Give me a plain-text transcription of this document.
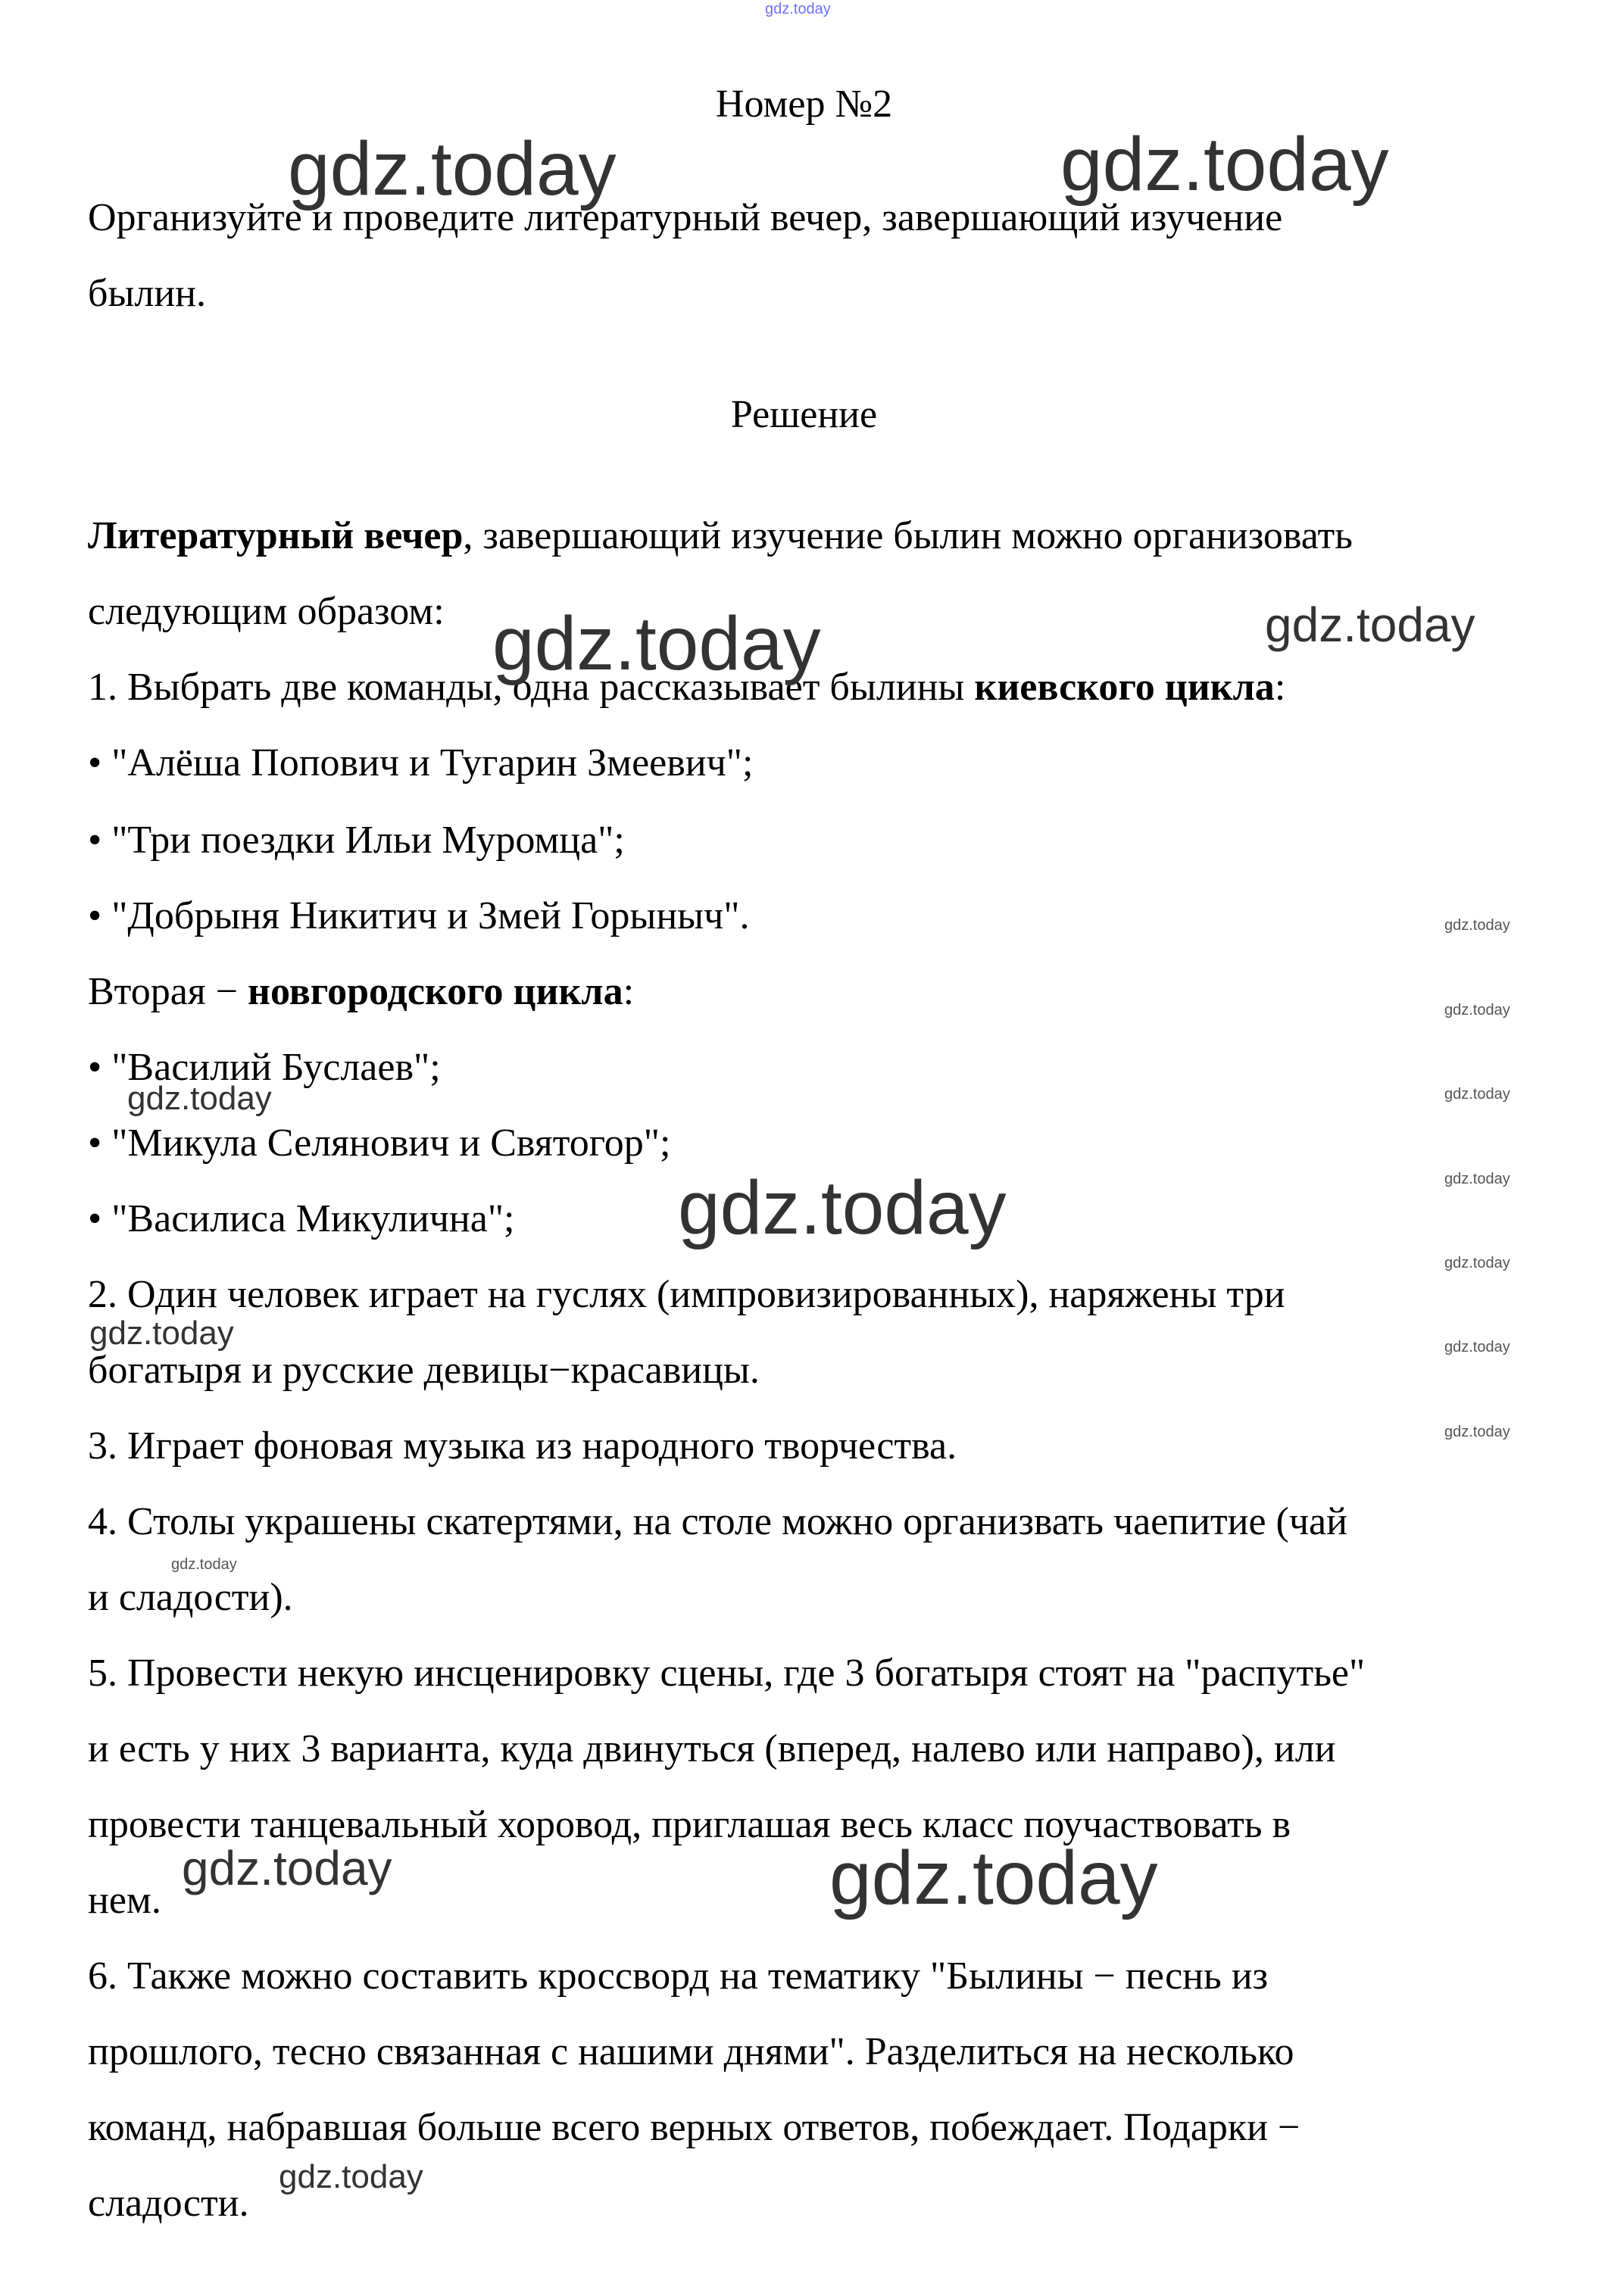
gdz.today
Номер №2
Организуйте и проведите литературный вечер, завершающий изучение
былин.
Решение
Литературный вечер, завершающий изучение былин можно организовать
следующим образом:
1. Выбрать две команды, одна рассказывает былины киевского цикла:
• "Алёша Попович и Тугарин Змеевич";
• "Три поездки Ильи Муромца";
• "Добрыня Никитич и Змей Горыныч".
Вторая − новгородского цикла:
• "Василий Буслаев";
• "Микула Селянович и Святогор";
• "Василиса Микулична";
2. Один человек играет на гуслях (импровизированных), наряжены три
богатыря и русские девицы−красавицы.
3. Играет фоновая музыка из народного творчества.
4. Столы украшены скатертями, на столе можно организвать чаепитие (чай
и сладости).
5. Провести некую инсценировку сцены, где 3 богатыря стоят на "распутье"
и есть у них 3 варианта, куда двинуться (вперед, налево или направо), или
провести танцевальный хоровод, приглашая весь класс поучаствовать в
нем.
6. Также можно составить кроссворд на тематику "Былины − песнь из
прошлого, тесно связанная с нашими днями". Разделиться на несколько
команд, набравшая больше всего верных ответов, побеждает. Подарки −
сладости.
gdz.today	gdz.today
gdz.today	gdz.today
gdz.today
gdz.today
gdz.today
gdz.today
gdz.today	gdz.today
gdz.today
gdz.today
gdz.today
gdz.today
gdz.today
gdz.today
gdz.today
gdz.today
